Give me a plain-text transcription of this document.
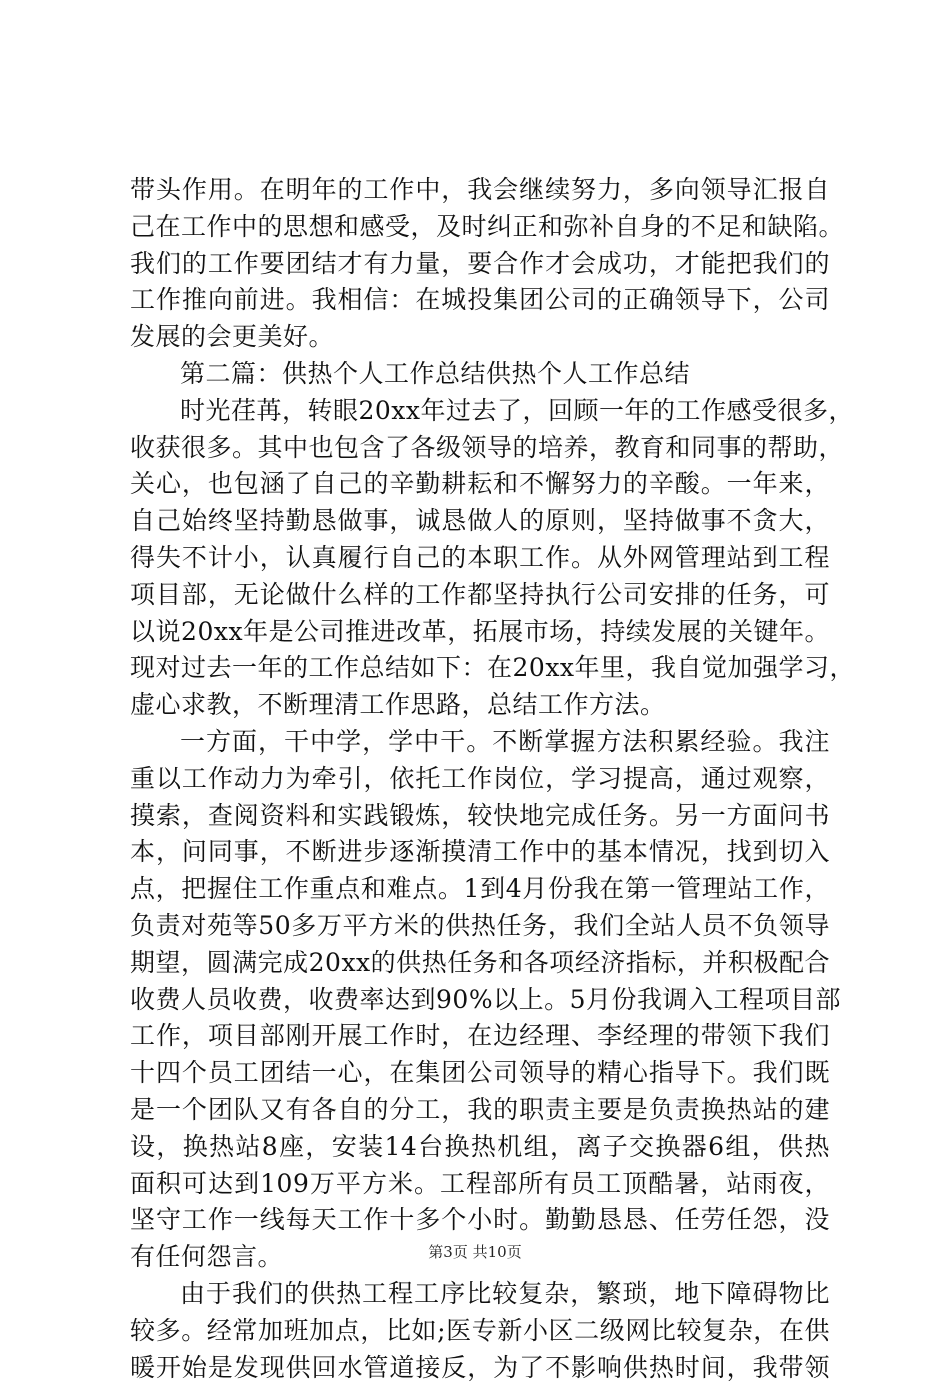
带头作用。在明年的工作中，我会继续努力，多向领导汇报自
己在工作中的思想和感受，及时纠正和弥补自身的不足和缺陷。
我们的工作要团结才有力量，要合作才会成功，才能把我们的
工作推向前进。我相信：在城投集团公司的正确领导下，公司
发展的会更美好。
第二篇：供热个人工作总结供热个人工作总结
时光荏苒，转眼20xx年过去了，回顾一年的工作感受很多，
收获很多。其中也包含了各级领导的培养，教育和同事的帮助，
关心，也包涵了自己的辛勤耕耘和不懈努力的辛酸。一年来，
自己始终坚持勤恳做事，诚恳做人的原则，坚持做事不贪大，
得失不计小，认真履行自己的本职工作。从外网管理站到工程
项目部，无论做什么样的工作都坚持执行公司安排的任务，可
以说20xx年是公司推进改革，拓展市场，持续发展的关键年。
现对过去一年的工作总结如下：在20xx年里，我自觉加强学习，
虚心求教，不断理清工作思路，总结工作方法。
一方面，干中学，学中干。不断掌握方法积累经验。我注
重以工作动力为牵引，依托工作岗位，学习提高，通过观察，
摸索，查阅资料和实践锻炼，较快地完成任务。另一方面问书
本，问同事，不断进步逐渐摸清工作中的基本情况，找到切入
点，把握住工作重点和难点。1到4月份我在第一管理站工作，
负责对苑等50多万平方米的供热任务，我们全站人员不负领导
期望，圆满完成20xx的供热任务和各项经济指标，并积极配合
收费人员收费，收费率达到90%以上。5月份我调入工程项目部
工作，项目部刚开展工作时，在边经理、李经理的带领下我们
十四个员工团结一心，在集团公司领导的精心指导下。我们既
是一个团队又有各自的分工，我的职责主要是负责换热站的建
设，换热站8座，安装14台换热机组，离子交换器6组，供热
面积可达到109万平方米。工程部所有员工顶酷暑，站雨夜，
坚守工作一线每天工作十多个小时。勤勤恳恳、任劳任怨，没
有任何怨言。
由于我们的供热工程工序比较复杂，繁琐，地下障碍物比
较多。经常加班加点，比如;医专新小区二级网比较复杂，在供
暖开始是发现供回水管道接反，为了不影响供热时间，我带领
第3页 共10页
